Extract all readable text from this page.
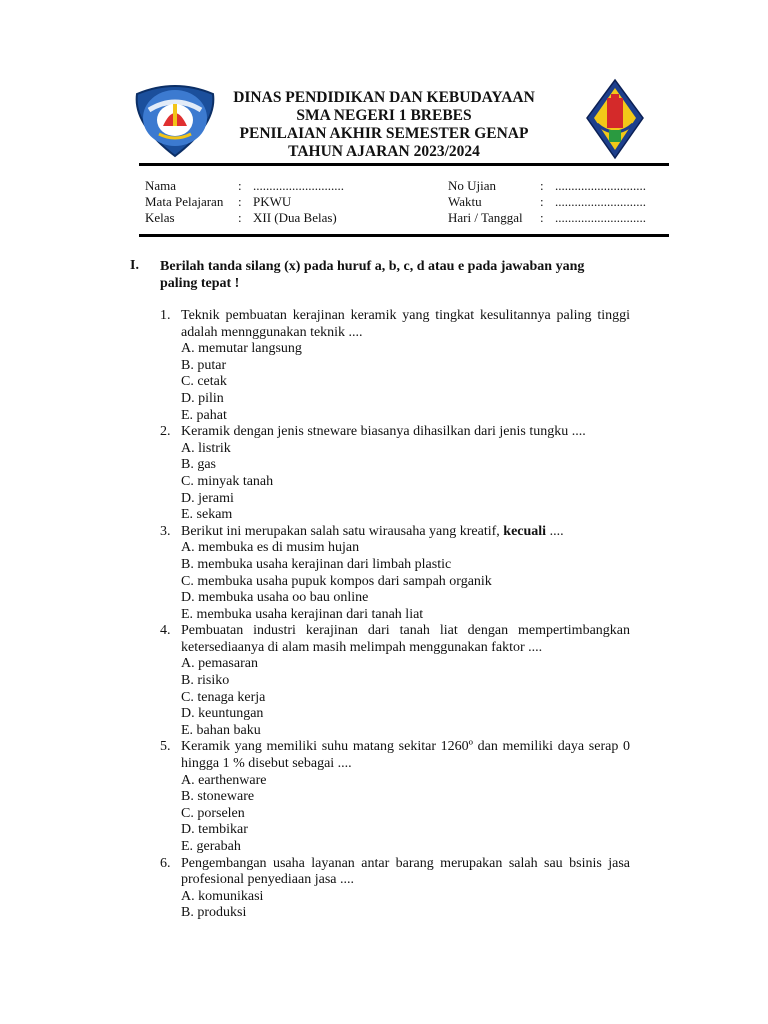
DINAS PENDIDIKAN DAN KEBUDAYAAN
SMA NEGERI 1 BREBES
PENILAIAN AKHIR SEMESTER GENAP
TAHUN AJARAN 2023/2024
Nama	: ............................
Mata Pelajaran	: PKWU
Kelas	: XII (Dua Belas)
No Ujian	: ............................
Waktu	: ............................
Hari / Tanggal	: ............................
I. Berilah tanda silang (x) pada huruf a, b, c, d atau e pada jawaban yang paling tepat !
1. Teknik pembuatan kerajinan keramik yang tingkat kesulitannya paling tinggi adalah mennggunakan teknik ....
A. memutar langsung
B. putar
C. cetak
D. pilin
E. pahat
2. Keramik dengan jenis stneware biasanya dihasilkan dari jenis tungku ....
A. listrik
B. gas
C. minyak tanah
D. jerami
E. sekam
3. Berikut ini merupakan salah satu wirausaha yang kreatif, kecuali ....
A. membuka es di musim hujan
B. membuka usaha kerajinan dari limbah plastic
C. membuka usaha pupuk kompos dari sampah organik
D. membuka usaha oo bau online
E. membuka usaha kerajinan dari tanah liat
4. Pembuatan industri kerajinan dari tanah liat dengan mempertimbangkan ketersediaanya di alam masih melimpah menggunakan faktor ....
A. pemasaran
B. risiko
C. tenaga kerja
D. keuntungan
E. bahan baku
5. Keramik yang memiliki suhu matang sekitar 1260º dan memiliki daya serap 0 hingga 1 % disebut sebagai ....
A. earthenware
B. stoneware
C. porselen
D. tembikar
E. gerabah
6. Pengembangan usaha layanan antar barang merupakan salah sau bsinis jasa profesional penyediaan jasa ....
A. komunikasi
B. produksi
